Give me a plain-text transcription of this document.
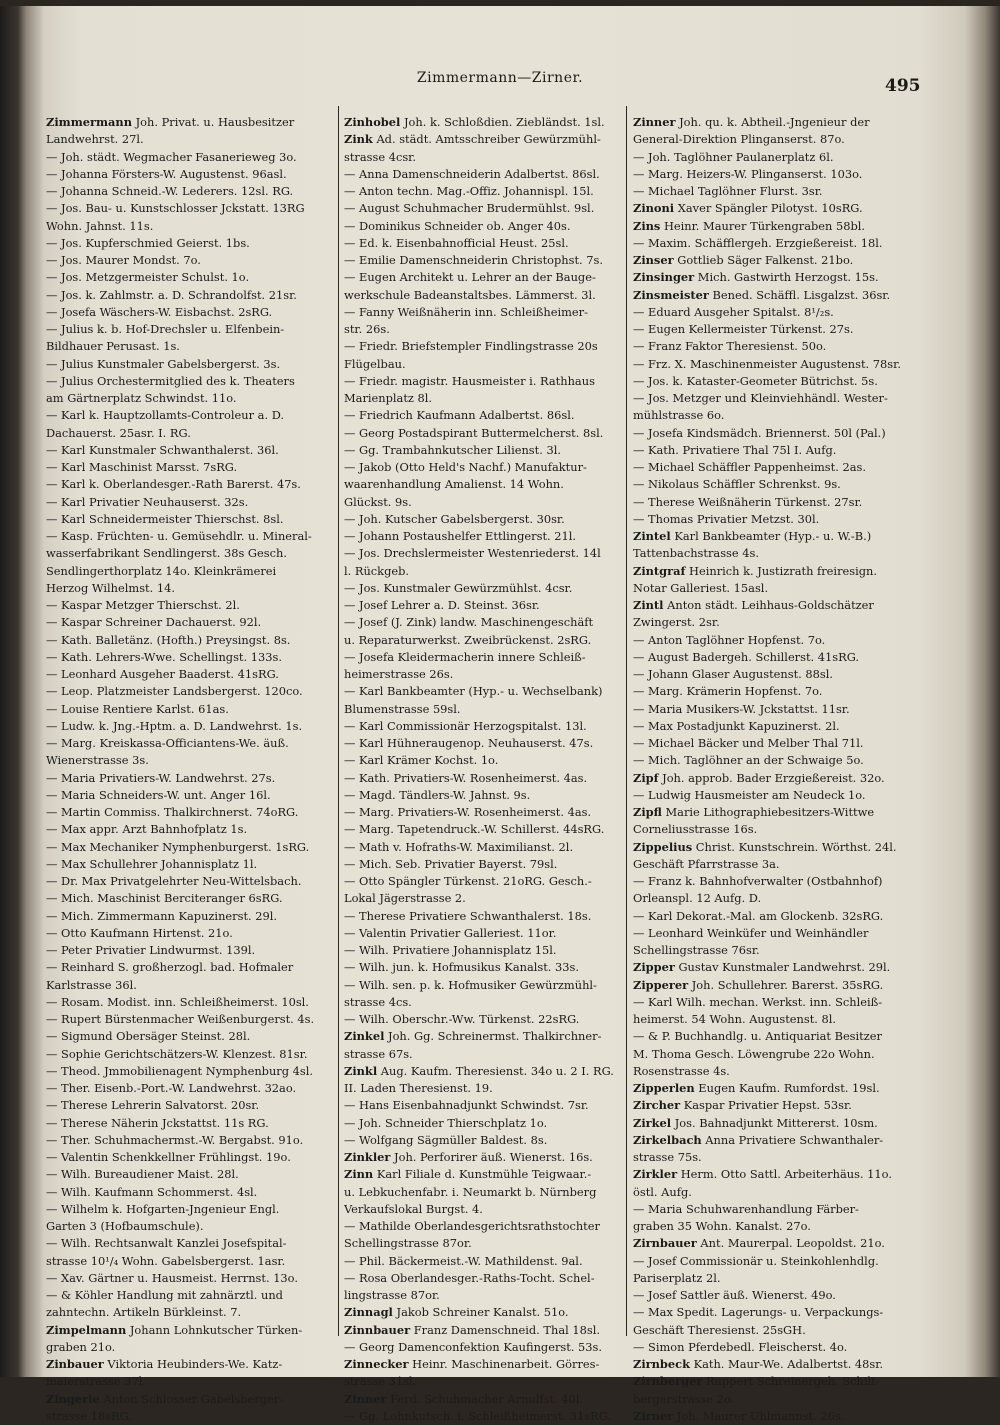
Zimmermann—Zirner.	495
Zimmermann Joh. Privat. u. Hausbesitzer
Landwehrst. 27l.
— Joh. städt. Wegmacher Fasanerieweg 3o.
— Johanna Försters-W. Augustenst. 96asl.
— Johanna Schneid.-W. Lederers. 12sl. RG.
— Jos. Bau- u. Kunstschlosser Jckstatt. 13RG
Wohn. Jahnst. 11s.
— Jos. Kupferschmied Geierst. 1bs.
— Jos. Maurer Mondst. 7o.
— Jos. Metzgermeister Schulst. 1o.
— Jos. k. Zahlmstr. a. D. Schrandolfst. 21sr.
— Josefa Wäschers-W. Eisbachst. 2sRG.
— Julius k. b. Hof-Drechsler u. Elfenbein-
Bildhauer Perusast. 1s.
— Julius Kunstmaler Gabelsbergerst. 3s.
— Julius Orchestermitglied des k. Theaters
am Gärtnerplatz Schwindst. 11o.
— Karl k. Hauptzollamts-Controleur a. D.
Dachauerst. 25asr. I. RG.
— Karl Kunstmaler Schwanthalerst. 36l.
— Karl Maschinist Marsst. 7sRG.
— Karl k. Oberlandesger.-Rath Barerst. 47s.
— Karl Privatier Neuhauserst. 32s.
— Karl Schneidermeister Thierschst. 8sl.
— Kasp. Früchten- u. Gemüsehdlr. u. Mineral-
wasserfabrikant Sendlingerst. 38s Gesch.
Sendlingerthorplatz 14o. Kleinkrämerei
Herzog Wilhelmst. 14.
— Kaspar Metzger Thierschst. 2l.
— Kaspar Schreiner Dachauerst. 92l.
— Kath. Balletänz. (Hofth.) Preysingst. 8s.
— Kath. Lehrers-Wwe. Schellingst. 133s.
— Leonhard Ausgeher Baaderst. 41sRG.
— Leop. Platzmeister Landsbergerst. 120co.
— Louise Rentiere Karlst. 61as.
— Ludw. k. Jng.-Hptm. a. D. Landwehrst. 1s.
— Marg. Kreiskassa-Officiantens-We. äuß.
Wienerstrasse 3s.
— Maria Privatiers-W. Landwehrst. 27s.
— Maria Schneiders-W. unt. Anger 16l.
— Martin Commiss. Thalkirchnerst. 74oRG.
— Max appr. Arzt Bahnhofplatz 1s.
— Max Mechaniker Nymphenburgerst. 1sRG.
— Max Schullehrer Johannisplatz 1l.
— Dr. Max Privatgelehrter Neu-Wittelsbach.
— Mich. Maschinist Berciteranger 6sRG.
— Mich. Zimmermann Kapuzinerst. 29l.
— Otto Kaufmann Hirtenst. 21o.
— Peter Privatier Lindwurmst. 139l.
— Reinhard S. großherzogl. bad. Hofmaler
Karlstrasse 36l.
— Rosam. Modist. inn. Schleißheimerst. 10sl.
— Rupert Bürstenmacher Weißenburgerst. 4s.
— Sigmund Obersäger Steinst. 28l.
— Sophie Gerichtschätzers-W. Klenzest. 81sr.
— Theod. Jmmobilienagent Nymphenburg 4sl.
— Ther. Eisenb.-Port.-W. Landwehrst. 32ao.
— Therese Lehrerin Salvatorst. 20sr.
— Therese Näherin Jckstattst. 11s RG.
— Ther. Schuhmachermst.-W. Bergabst. 91o.
— Valentin Schenkkellner Frühlingst. 19o.
— Wilh. Bureaudiener Maist. 28l.
— Wilh. Kaufmann Schommerst. 4sl.
— Wilhelm k. Hofgarten-Jngenieur Engl.
Garten 3 (Hofbaumschule).
— Wilh. Rechtsanwalt Kanzlei Josefspital-
strasse 10¹/₄ Wohn. Gabelsbergerst. 1asr.
— Xav. Gärtner u. Hausmeist. Herrnst. 13o.
— & Köhler Handlung mit zahnärztl. und
zahntechn. Artikeln Bürkleinst. 7.
Zimpelmann Johann Lohnkutscher Türken-
graben 21o.
Zinbauer Viktoria Heubinders-We. Katz-
maierstrasse 37l.
Zingerle Anton Schlosser Gabelsberger-
strasse 18sRG.
Zinhobel Joh. k. Schloßdien. Ziebländst. 1sl.
Zink Ad. städt. Amtsschreiber Gewürzmühl-
strasse 4csr.
— Anna Damenschneiderin Adalbertst. 86sl.
— Anton techn. Mag.-Offiz. Johannispl. 15l.
— August Schuhmacher Brudermühlst. 9sl.
— Dominikus Schneider ob. Anger 40s.
— Ed. k. Eisenbahnofficial Heust. 25sl.
— Emilie Damenschneiderin Christophst. 7s.
— Eugen Architekt u. Lehrer an der Bauge-
werkschule Badeanstaltsbes. Lämmerst. 3l.
— Fanny Weißnäherin inn. Schleißheimer-
str. 26s.
— Friedr. Briefstempler Findlingstrasse 20s
Flügelbau.
— Friedr. magistr. Hausmeister i. Rathhaus
Marienplatz 8l.
— Friedrich Kaufmann Adalbertst. 86sl.
— Georg Postadspirant Buttermelcherst. 8sl.
— Gg. Trambahnkutscher Lilienst. 3l.
— Jakob (Otto Held's Nachf.) Manufaktur-
waarenhandlung Amalienst. 14 Wohn.
Glückst. 9s.
— Joh. Kutscher Gabelsbergerst. 30sr.
— Johann Postaushelfer Ettlingerst. 21l.
— Jos. Drechslermeister Westenriederst. 14l
l. Rückgeb.
— Jos. Kunstmaler Gewürzmühlst. 4csr.
— Josef Lehrer a. D. Steinst. 36sr.
— Josef (J. Zink) landw. Maschinengeschäft
u. Reparaturwerkst. Zweibrückenst. 2sRG.
— Josefa Kleidermacherin innere Schleiß-
heimerstrasse 26s.
— Karl Bankbeamter (Hyp.- u. Wechselbank)
Blumenstrasse 59sl.
— Karl Commissionär Herzogspitalst. 13l.
— Karl Hühneraugenop. Neuhauserst. 47s.
— Karl Krämer Kochst. 1o.
— Kath. Privatiers-W. Rosenheimerst. 4as.
— Magd. Tändlers-W. Jahnst. 9s.
— Marg. Privatiers-W. Rosenheimerst. 4as.
— Marg. Tapetendruck.-W. Schillerst. 44sRG.
— Math v. Hofraths-W. Maximilianst. 2l.
— Mich. Seb. Privatier Bayerst. 79sl.
— Otto Spängler Türkenst. 21oRG. Gesch.-
Lokal Jägerstrasse 2.
— Therese Privatiere Schwanthalerst. 18s.
— Valentin Privatier Galleriest. 11or.
— Wilh. Privatiere Johannisplatz 15l.
— Wilh. jun. k. Hofmusikus Kanalst. 33s.
— Wilh. sen. p. k. Hofmusiker Gewürzmühl-
strasse 4cs.
— Wilh. Oberschr.-Ww. Türkenst. 22sRG.
Zinkel Joh. Gg. Schreinermst. Thalkirchner-
strasse 67s.
Zinkl Aug. Kaufm. Theresienst. 34o u. 2 I. RG.
II. Laden Theresienst. 19.
— Hans Eisenbahnadjunkt Schwindst. 7sr.
— Joh. Schneider Thierschplatz 1o.
— Wolfgang Sägmüller Baldest. 8s.
Zinkler Joh. Perforirer äuß. Wienerst. 16s.
Zinn Karl Filiale d. Kunstmühle Teigwaar.-
u. Lebkuchenfabr. i. Neumarkt b. Nürnberg
Verkaufslokal Burgst. 4.
— Mathilde Oberlandesgerichtsrathstochter
Schellingstrasse 87or.
— Phil. Bäckermeist.-W. Mathildenst. 9al.
— Rosa Oberlandesger.-Raths-Tocht. Schel-
lingstrasse 87or.
Zinnagl Jakob Schreiner Kanalst. 51o.
Zinnbauer Franz Damenschneid. Thal 18sl.
— Georg Damenconfektion Kaufingerst. 53s.
Zinnecker Heinr. Maschinenarbeit. Görres-
strasse 31sl.
Zinner Ferd. Schuhmacher Arnulfst. 40l.
— Gg. Lohnkutsch. i. Schleißheimerst. 31sRG.
Zinner Joh. qu. k. Abtheil.-Jngenieur der
General-Direktion Plinganserst. 87o.
— Joh. Taglöhner Paulanerplatz 6l.
— Marg. Heizers-W. Plinganserst. 103o.
— Michael Taglöhner Flurst. 3sr.
Zinoni Xaver Spängler Pilotyst. 10sRG.
Zins Heinr. Maurer Türkengraben 58bl.
— Maxim. Schäfflergeh. Erzgießereist. 18l.
Zinser Gottlieb Säger Falkenst. 21bo.
Zinsinger Mich. Gastwirth Herzogst. 15s.
Zinsmeister Bened. Schäffl. Lisgalzst. 36sr.
— Eduard Ausgeher Spitalst. 8¹/₂s.
— Eugen Kellermeister Türkenst. 27s.
— Franz Faktor Theresienst. 50o.
— Frz. X. Maschinenmeister Augustenst. 78sr.
— Jos. k. Kataster-Geometer Bütrichst. 5s.
— Jos. Metzger und Kleinviehhändl. Wester-
mühlstrasse 6o.
— Josefa Kindsmädch. Briennerst. 50l (Pal.)
— Kath. Privatiere Thal 75l I. Aufg.
— Michael Schäffler Pappenheimst. 2as.
— Nikolaus Schäffler Schrenkst. 9s.
— Therese Weißnäherin Türkenst. 27sr.
— Thomas Privatier Metzst. 30l.
Zintel Karl Bankbeamter (Hyp.- u. W.-B.)
Tattenbachstrasse 4s.
Zintgraf Heinrich k. Justizrath freiresign.
Notar Galleriest. 15asl.
Zintl Anton städt. Leihhaus-Goldschätzer
Zwingerst. 2sr.
— Anton Taglöhner Hopfenst. 7o.
— August Badergeh. Schillerst. 41sRG.
— Johann Glaser Augustenst. 88sl.
— Marg. Krämerin Hopfenst. 7o.
— Maria Musikers-W. Jckstattst. 11sr.
— Max Postadjunkt Kapuzinerst. 2l.
— Michael Bäcker und Melber Thal 71l.
— Mich. Taglöhner an der Schwaige 5o.
Zipf Joh. approb. Bader Erzgießereist. 32o.
— Ludwig Hausmeister am Neudeck 1o.
Zipfl Marie Lithographiebesitzers-Wittwe
Corneliusstrasse 16s.
Zippelius Christ. Kunstschrein. Wörthst. 24l.
Geschäft Pfarrstrasse 3a.
— Franz k. Bahnhofverwalter (Ostbahnhof)
Orleanspl. 12 Aufg. D.
— Karl Dekorat.-Mal. am Glockenb. 32sRG.
— Leonhard Weinküfer und Weinhändler
Schellingstrasse 76sr.
Zipper Gustav Kunstmaler Landwehrst. 29l.
Zipperer Joh. Schullehrer. Barerst. 35sRG.
— Karl Wilh. mechan. Werkst. inn. Schleiß-
heimerst. 54 Wohn. Augustenst. 8l.
— & P. Buchhandlg. u. Antiquariat Besitzer
M. Thoma Gesch. Löwengrube 22o Wohn.
Rosenstrasse 4s.
Zipperlen Eugen Kaufm. Rumfordst. 19sl.
Zircher Kaspar Privatier Hepst. 53sr.
Zirkel Jos. Bahnadjunkt Mittererst. 10sm.
Zirkelbach Anna Privatiere Schwanthaler-
strasse 75s.
Zirkler Herm. Otto Sattl. Arbeiterhäus. 11o.
östl. Aufg.
— Maria Schuhwarenhandlung Färber-
graben 35 Wohn. Kanalst. 27o.
Zirnbauer Ant. Maurerpal. Leopoldst. 21o.
— Josef Commissionär u. Steinkohlenhdlg.
Pariserplatz 2l.
— Josef Sattler äuß. Wienerst. 49o.
— Max Spedit. Lagerungs- u. Verpackungs-
Geschäft Theresienst. 25sGH.
— Simon Pferdebedl. Fleischerst. 4o.
Zirnbeck Kath. Maur-We. Adalbertst. 48sr.
Zirnberger Ruppert Schreinergeh. Schilt-
bergerstrasse 2o.
Zirner Joh. Maurer Uhlmannst. 26s.
